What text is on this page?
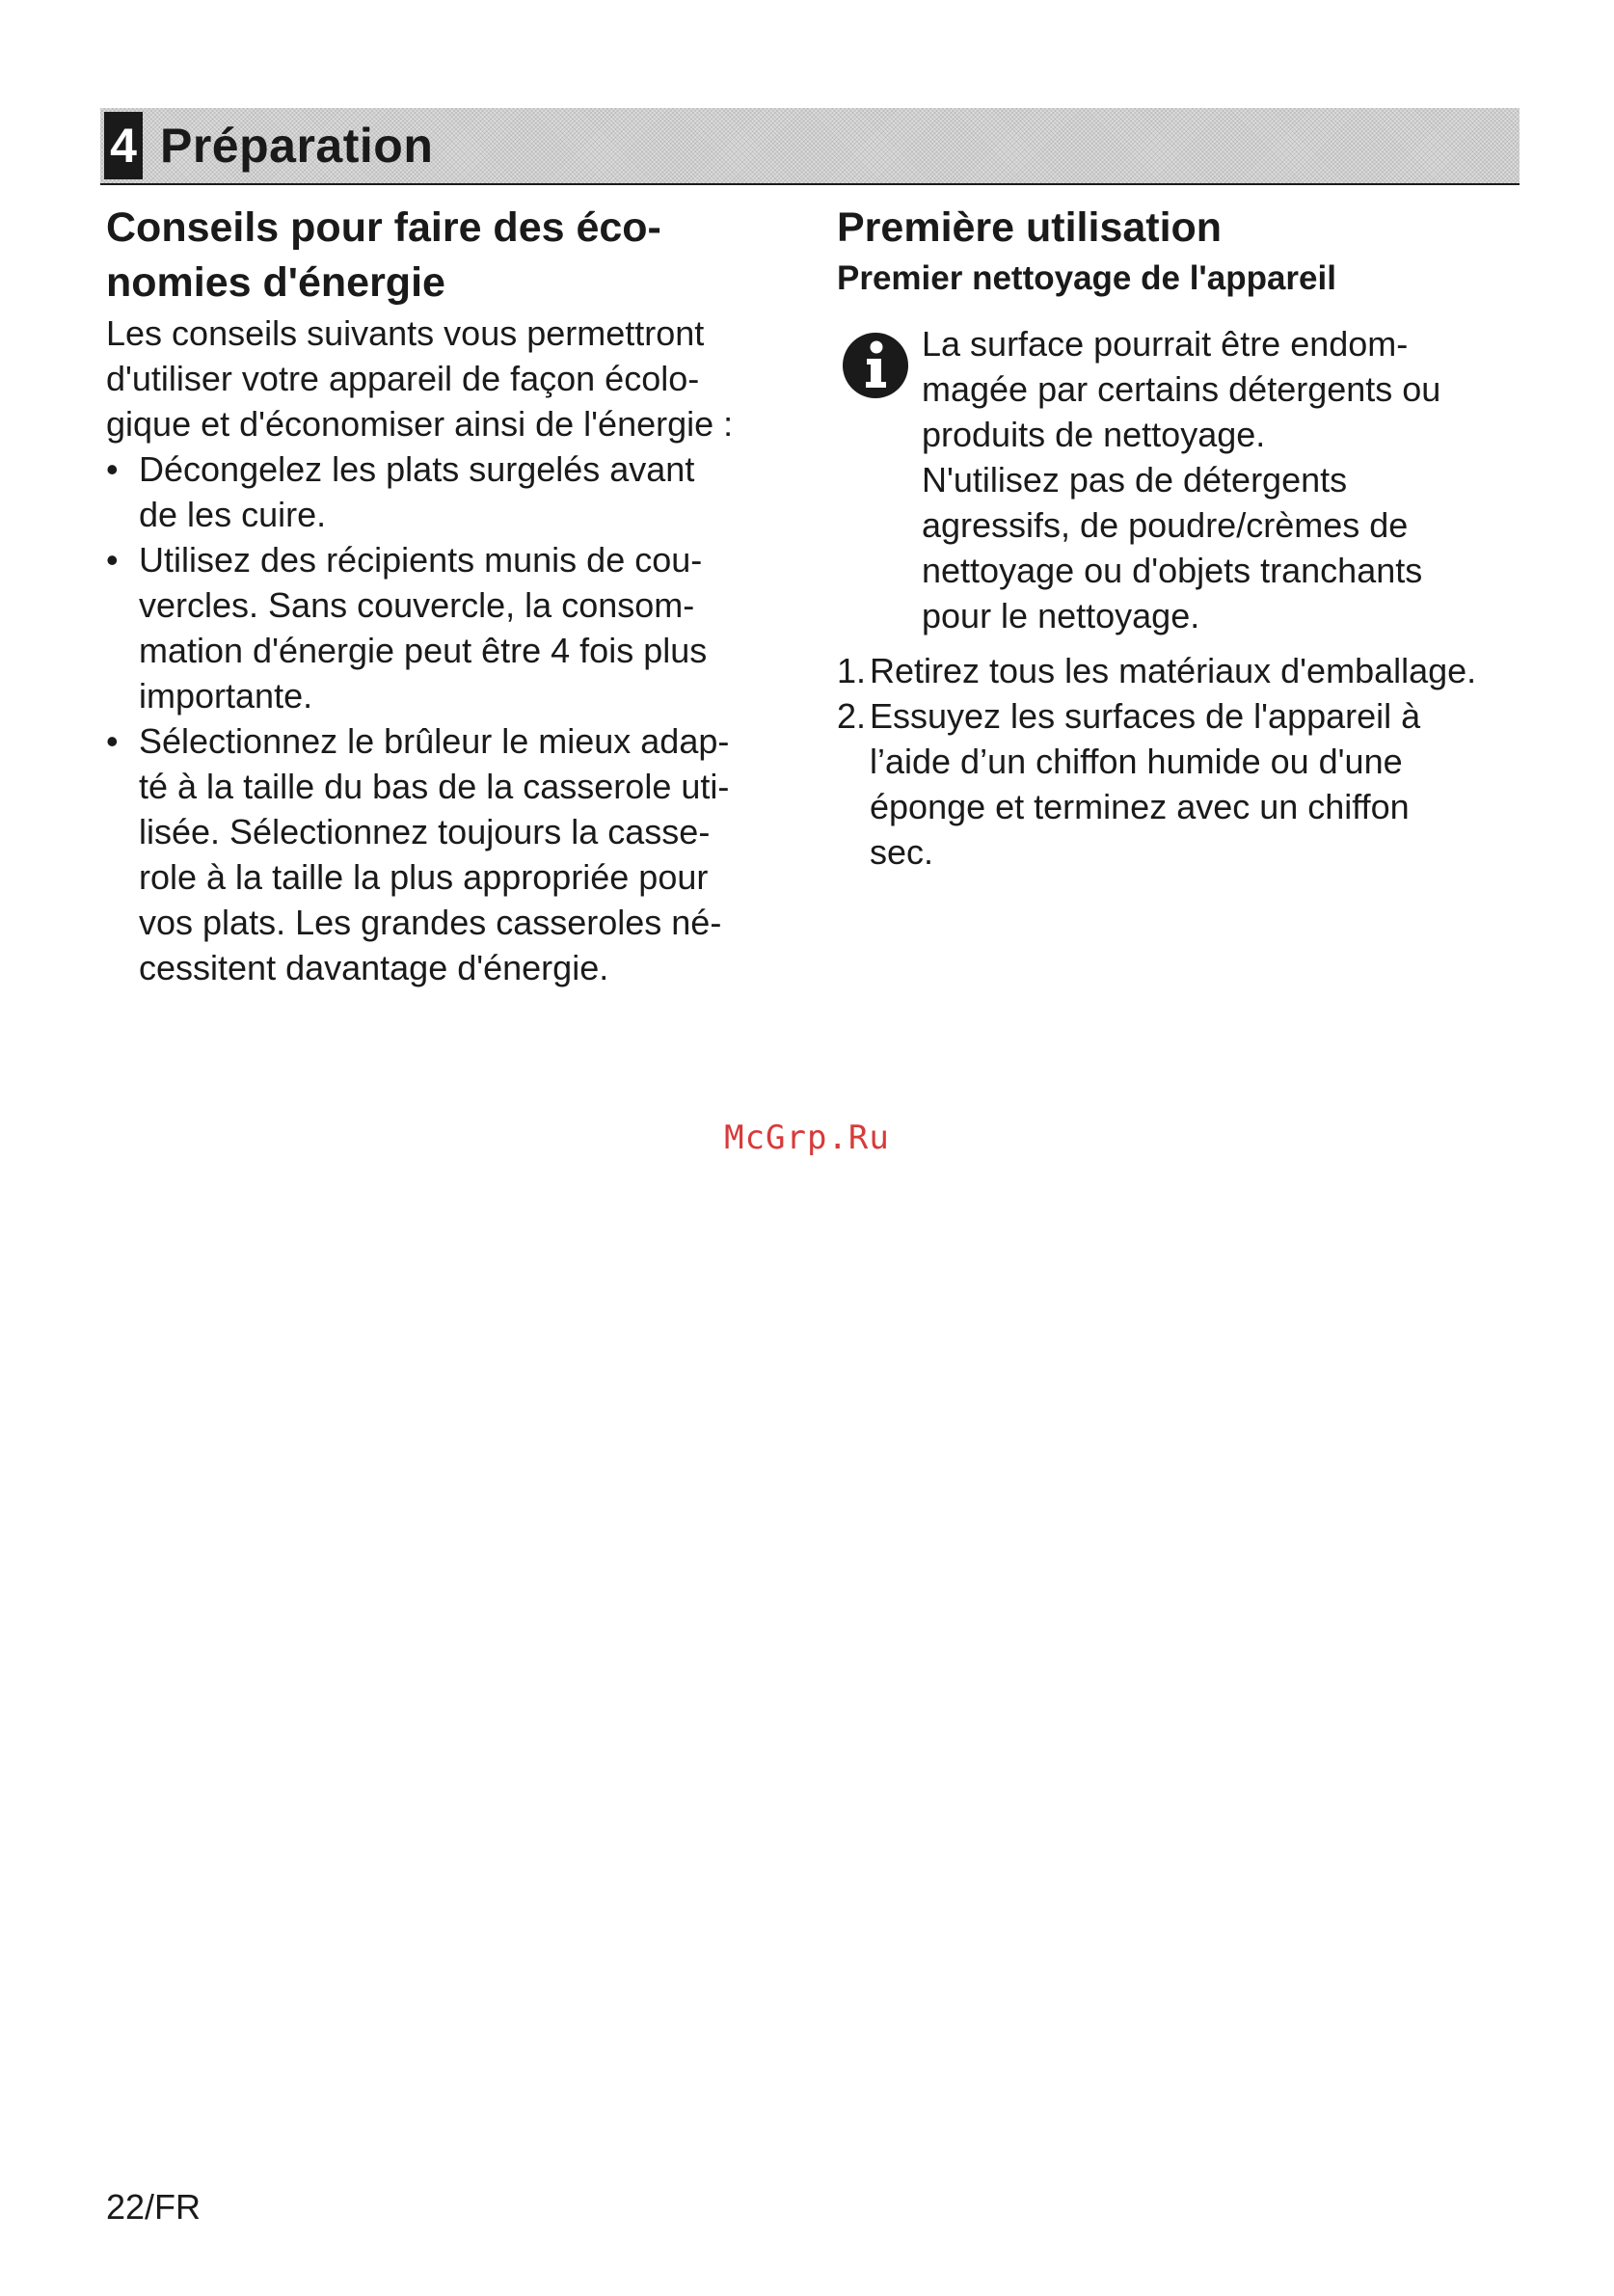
4 Préparation
Conseils pour faire des éco-
nomies d'énergie

Les conseils suivants vous permettront
d'utiliser votre appareil de façon écolo-
gique et d'économiser ainsi de l'énergie :

• Décongelez les plats surgelés avant
de les cuire.
• Utilisez des récipients munis de cou-
vercles. Sans couvercle, la consom-
mation d'énergie peut être 4 fois plus
importante.
• Sélectionnez le brûleur le mieux adap-
té à la taille du bas de la casserole uti-
lisée. Sélectionnez toujours la casse-
role à la taille la plus appropriée pour
vos plats. Les grandes casseroles né-
cessitent davantage d'énergie.
Première utilisation
Premier nettoyage de l'appareil

La surface pourrait être endom-
magée par certains détergents ou
produits de nettoyage.
N'utilisez pas de détergents
agressifs, de poudre/crèmes de
nettoyage ou d'objets tranchants
pour le nettoyage.

1. Retirez tous les matériaux d'emballage.
2. Essuyez les surfaces de l'appareil à
l’aide d’un chiffon humide ou d'une
éponge et terminez avec un chiffon
sec.
McGrp.Ru
22/FR
